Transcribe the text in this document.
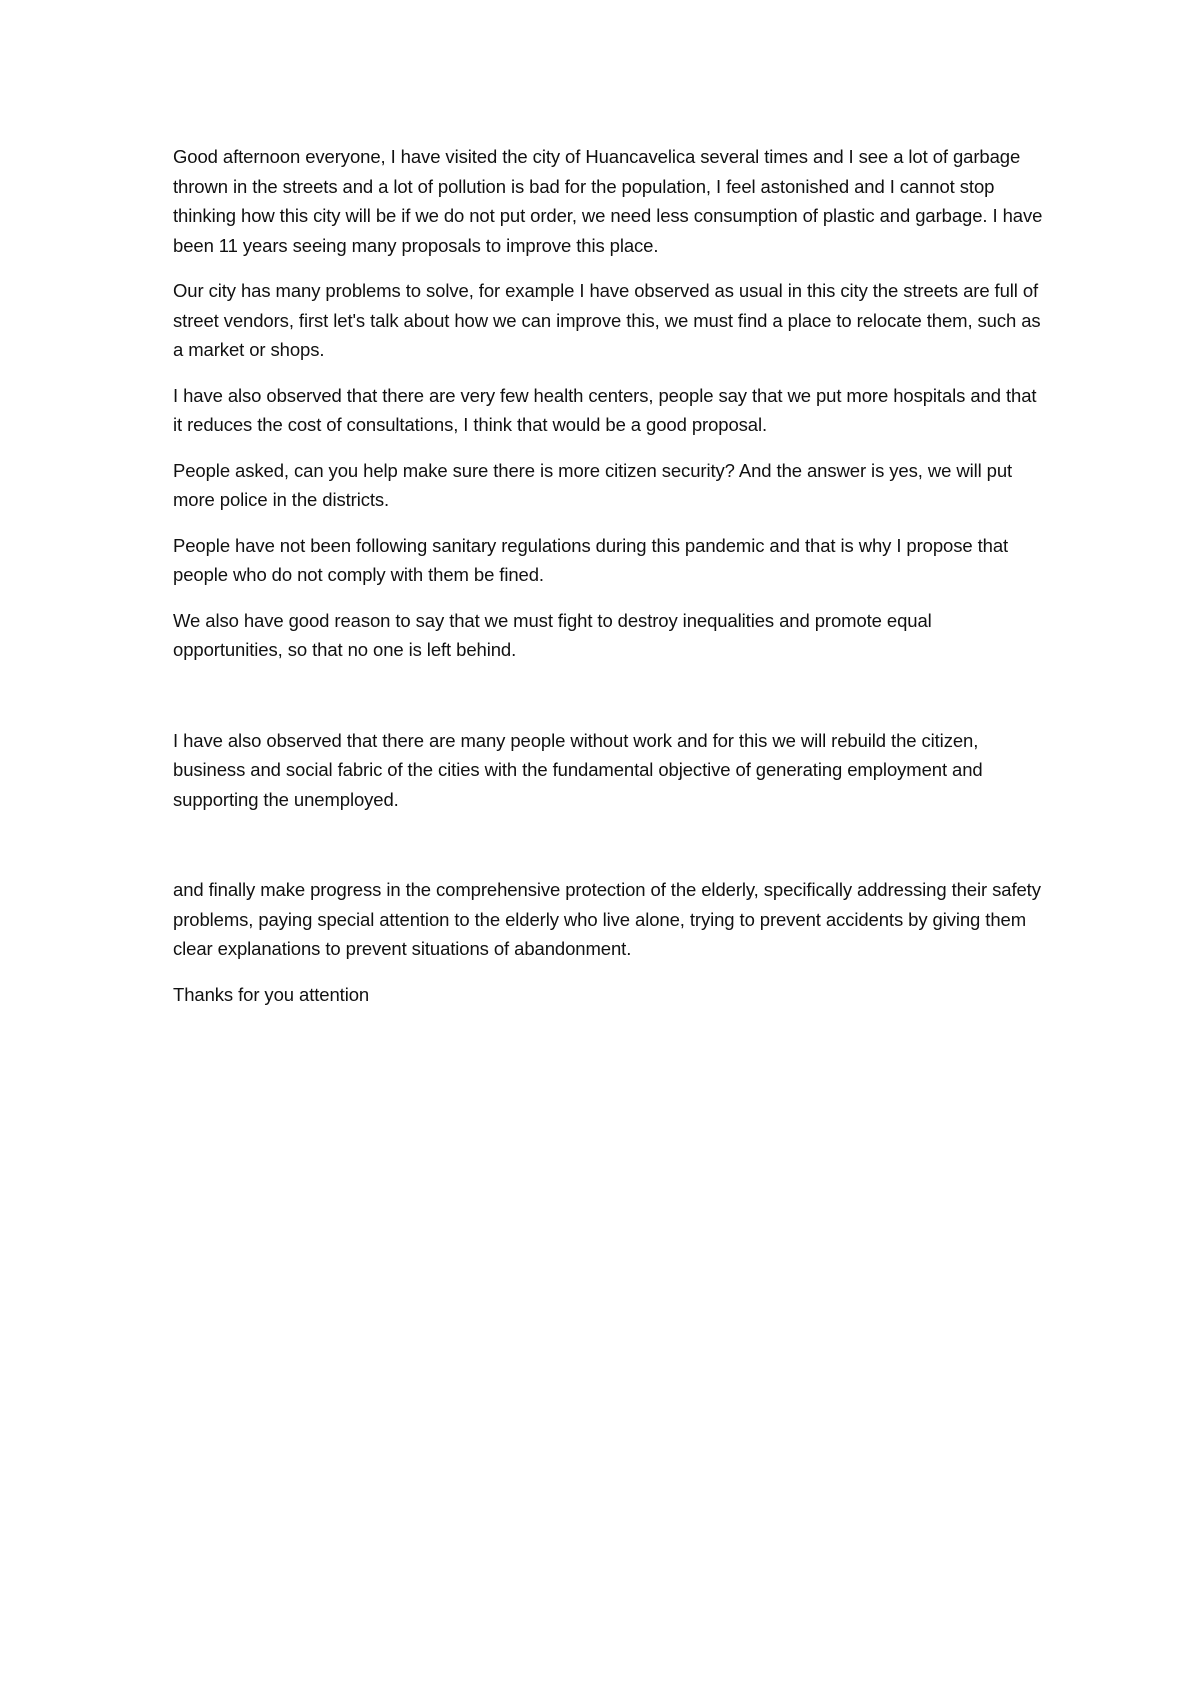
Good afternoon everyone, I have visited the city of Huancavelica several times and I see a lot of garbage thrown in the streets and a lot of pollution is bad for the population, I feel astonished and I cannot stop thinking how this city will be if we do not put order, we need less consumption of plastic and garbage. I have been 11 years seeing many proposals to improve this place.

Our city has many problems to solve, for example I have observed as usual in this city the streets are full of street vendors, first let's talk about how we can improve this, we must find a place to relocate them, such as a market or shops.

I have also observed that there are very few health centers, people say that we put more hospitals and that it reduces the cost of consultations, I think that would be a good proposal.

People asked, can you help make sure there is more citizen security? And the answer is yes, we will put more police in the districts.

People have not been following sanitary regulations during this pandemic and that is why I propose that people who do not comply with them be fined.

We also have good reason to say that we must fight to destroy inequalities and promote equal opportunities, so that no one is left behind.

I have also observed that there are many people without work and for this we will rebuild the citizen, business and social fabric of the cities with the fundamental objective of generating employment and supporting the unemployed.

and finally make progress in the comprehensive protection of the elderly, specifically addressing their safety problems, paying special attention to the elderly who live alone, trying to prevent accidents by giving them clear explanations to prevent situations of abandonment.

Thanks for you attention
